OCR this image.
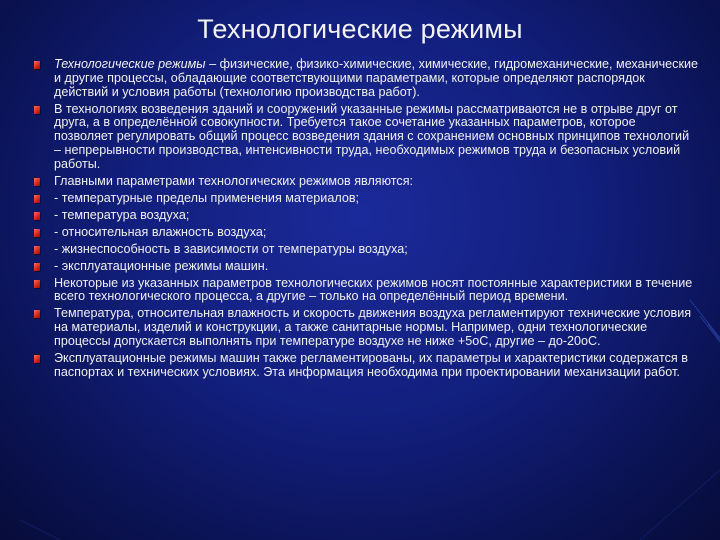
Технологические режимы
Технологические режимы – физические, физико-химические, химические, гидромеханические, механические и другие процессы, обладающие соответствующими параметрами, которые определяют распорядок действий и условия работы (технологию производства работ).
В технологиях возведения зданий и сооружений указанные режимы рассматриваются не в отрыве друг от друга, а в определённой совокупности. Требуется такое сочетание указанных параметров, которое позволяет регулировать общий процесс возведения здания с сохранением основных принципов технологий – непрерывности производства, интенсивности труда, необходимых режимов труда и безопасных условий работы.
Главными параметрами технологических режимов являются:
- температурные пределы применения материалов;
- температура воздуха;
- относительная влажность воздуха;
- жизнеспособность в зависимости от температуры воздуха;
- эксплуатационные режимы машин.
Некоторые из указанных параметров технологических режимов носят постоянные характеристики в течение всего технологического процесса, а другие – только на определённый период времени.
Температура, относительная влажность и скорость движения воздуха регламентируют технические условия на материалы, изделий и конструкции, а также санитарные нормы. Например, одни технологические процессы допускается выполнять при температуре воздухе не ниже +5оС, другие – до-20оС.
Эксплуатационные режимы машин также регламентированы, их параметры и характеристики содержатся в паспортах и технических условиях. Эта информация необходима при проектировании механизации работ.
